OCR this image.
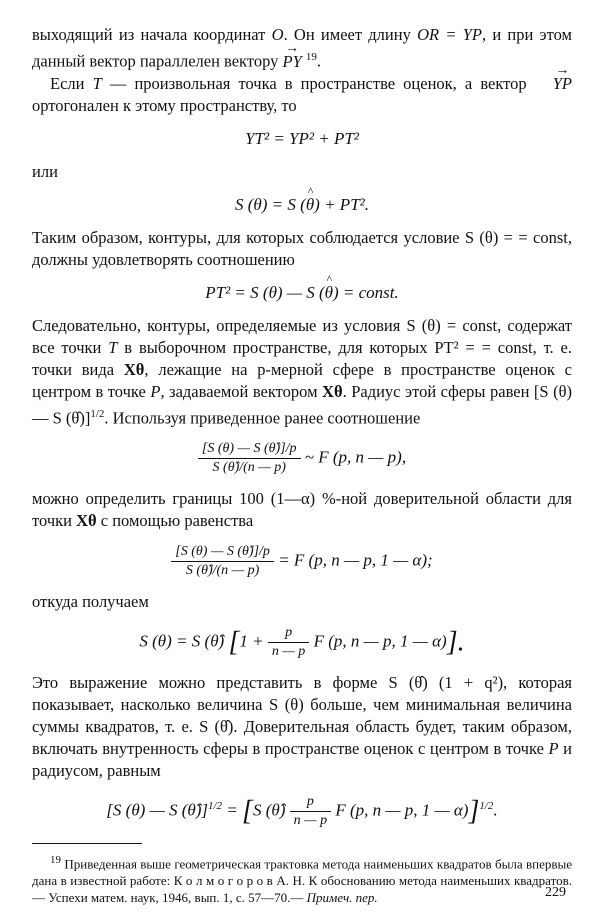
выходящий из начала координат O. Он имеет длину OR = YP, и при этом данный вектор параллелен вектору → PY $^{19}$.

Если T — произвольная точка в пространстве оценок, а вектор → YP ортогонален к этому пространству, то

YT² = YP² + PT²

или

S (θ) = S (^ θ) + PT².

Таким образом, контуры, для которых соблюдается условие S (θ) = = const, должны удовлетворять соотношению

PT² = S (θ) — S (^ θ) = const.

Следовательно, контуры, определяемые из условия S (θ) = const, содержат все точки T в выборочном пространстве, для которых PT² = = const, т. е. точки вида Xθ, лежащие на p-мерной сфере в пространстве оценок с центром в точке P, задаваемой вектором Xθ. Радиус этой сферы равен [S (θ) — S (θ̂)]$^{1/2}$. Используя приведенное ранее соотношение

$\frac{[S (\theta) — S (\thetâ)]/p}{S (\thetâ)/(n — p)}$ ~ F (p, n — p),

можно определить границы 100 (1—α) %-ной доверительной области для точки Xθ с помощью равенства

$\frac{[S (\theta) — S (\thetâ)]/p}{S (\thetâ)/(n — p)} = F$ (p, n — p, 1 — α);

откуда получаем

S (θ) = S (θ̂) [$1 + \frac{p}{n — p}$ F (p, n — p, 1 — α)].

Это выражение можно представить в форме S (θ̂) (1 + q²), которая показывает, насколько величина S (θ) больше, чем минимальная величина суммы квадратов, т. е. S (θ̂). Доверительная область будет, таким образом, включать внутренность сферы в пространстве оценок с центром в точке P и радиусом, равным

[S (θ) — S (θ̂)]$^{1/2}$ = [S (θ̂) $\frac{p}{n — p}$ F (p, n — p, 1 — α)]$^{1/2}$.

$^{19}$ Приведенная выше геометрическая трактовка метода наименьших квадратов была впервые дана в известной работе: К о л м о г о р о в А. Н. К обоснованию метода наименьших квадратов.— Успехи матем. наук, 1946, вып. 1, с. 57—70.— Примеч. пер.	229
